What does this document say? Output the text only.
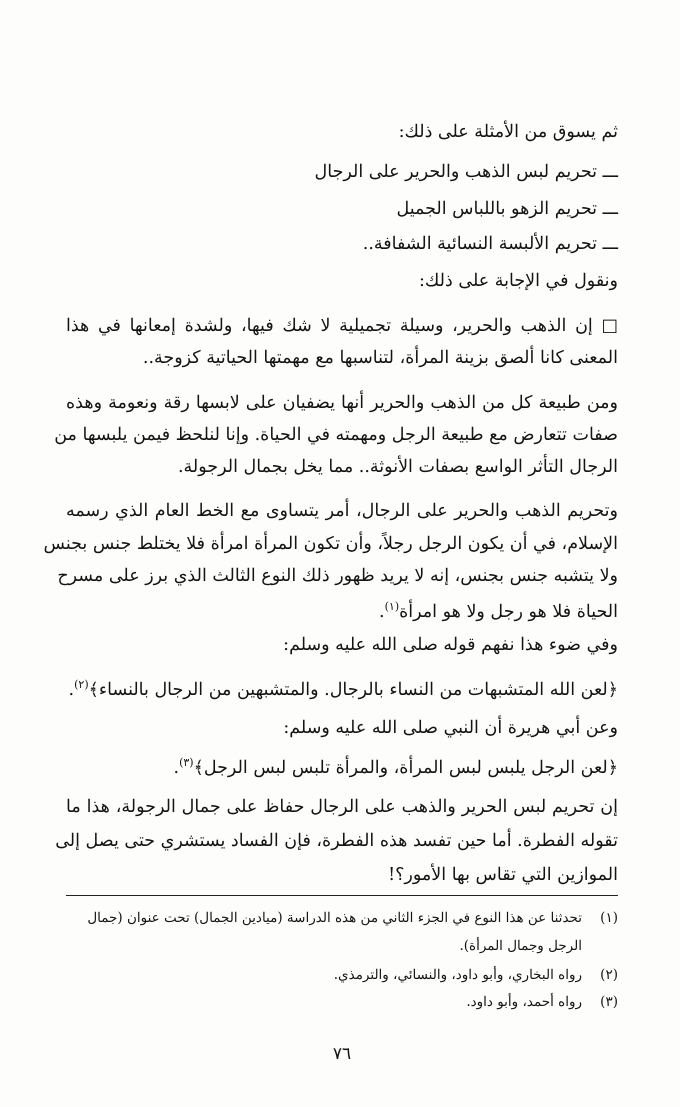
ثم يسوق من الأمثلة على ذلك:
ـــ تحريم لبس الذهب والحرير على الرجال
ـــ تحريم الزهو باللباس الجميل
ـــ تحريم الألبسة النسائية الشفافة..
ونقول في الإجابة على ذلك:
□ إن الذهب والحرير، وسيلة تجميلية لا شك فيها، ولشدة إمعانها في هذا
المعنى كانا ألصق بزينة المرأة، لتناسبها مع مهمتها الحياتية كزوجة..
ومن طبيعة كل من الذهب والحرير أنها يضفيان على لابسها رقة ونعومة وهذه
صفات تتعارض مع طبيعة الرجل ومهمته في الحياة. وإنا لنلحظ فيمن يلبسها من
الرجال التأثر الواسع بصفات الأنوثة.. مما يخل بجمال الرجولة.
وتحريم الذهب والحرير على الرجال، أمر يتساوى مع الخط العام الذي رسمه
الإسلام، في أن يكون الرجل رجلاً، وأن تكون المرأة امرأة فلا يختلط جنس بجنس
ولا يتشبه جنس بجنس، إنه لا يريد ظهور ذلك النوع الثالث الذي برز على مسرح
الحياة فلا هو رجل ولا هو امرأة$^{(١)}$.
وفي ضوء هذا نفهم قوله صلى الله عليه وسلم:
﴿لعن الله المتشبهات من النساء بالرجال. والمتشبهين من الرجال بالنساء﴾$^{(٢)}$.
وعن أبي هريرة أن النبي صلى الله عليه وسلم:
﴿لعن الرجل يلبس لبس المرأة، والمرأة تلبس لبس الرجل﴾$^{(٣)}$.
إن تحريم لبس الحرير والذهب على الرجال حفاظ على جمال الرجولة، هذا ما
تقوله الفطرة. أما حين تفسد هذه الفطرة، فإن الفساد يستشري حتى يصل إلى
الموازين التي تقاس بها الأمور؟!
(١)تحدثنا عن هذا النوع في الجزء الثاني من هذه الدراسة (ميادين الجمال) تحت عنوان (جمال
الرجل وجمال المرأة).
(٢)رواه البخاري، وأبو داود، والنسائي، والترمذي.
(٣)رواه أحمد، وأبو داود.
٧٦
